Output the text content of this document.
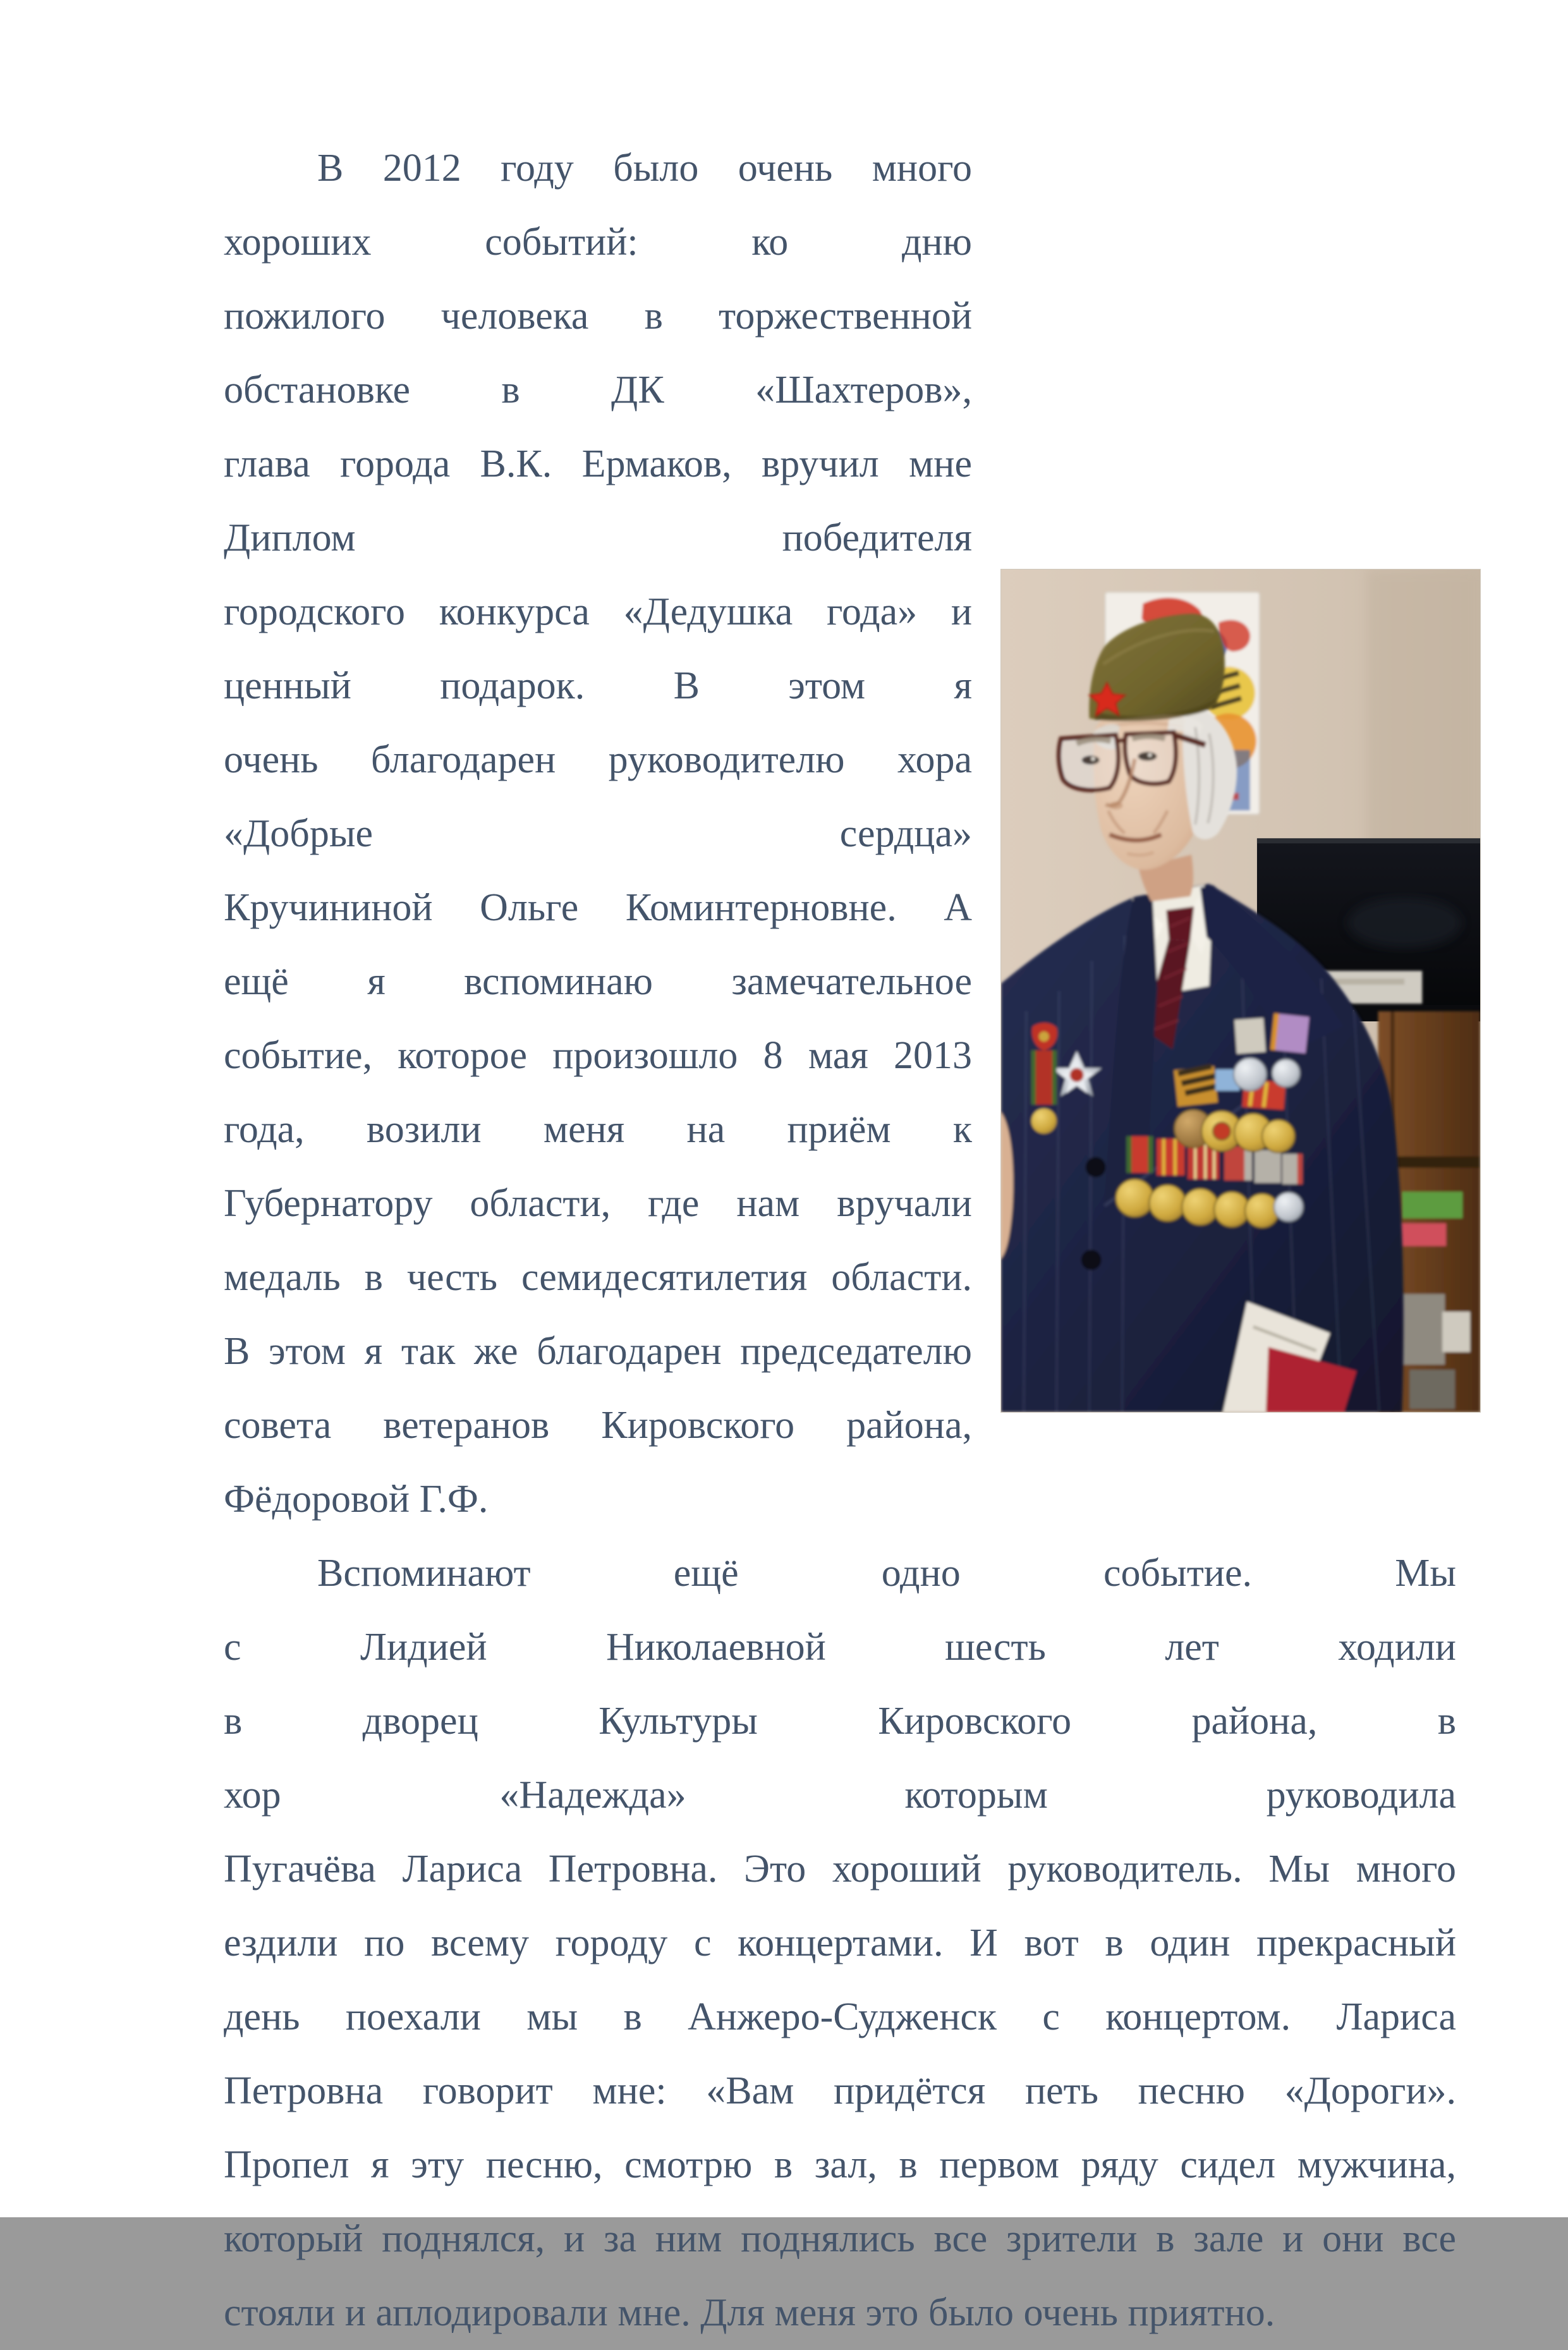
В 2012 году было очень много хороших событий: ко дню
пожилого человека в торжественной обстановке в ДК «Шахтеров»,
глава города В.К. Ермаков, вручил мне Диплом победителя
городского конкурса «Дедушка года» и ценный подарок. В этом я
очень благодарен руководителю хора «Добрые сердца»
Кручининой Ольге Коминтерновне. А
ещё я вспоминаю замечательное
событие, которое произошло 8 мая 2013
года, возили меня на приём к
Губернатору области, где нам вручали
медаль в честь семидесятилетия области.
В этом я так же благодарен председателю
совета ветеранов Кировского района,
Фёдоровой Г.Ф.

Вспоминают ещё одно событие. Мы
с Лидией Николаевной шесть лет ходили
в дворец Культуры Кировского района, в
хор «Надежда» которым руководила
Пугачёва Лариса Петровна. Это хороший руководитель. Мы много
ездили по всему городу с концертами. И вот в один прекрасный
день поехали мы в Анжеро-Судженск с концертом. Лариса
Петровна говорит мне: «Вам придётся петь песню «Дороги».
Пропел я эту песню, смотрю в зал, в первом ряду сидел мужчина,
который поднялся, и за ним поднялись все зрители в зале и они все
стояли и аплодировали мне. Для меня это было очень приятно.
